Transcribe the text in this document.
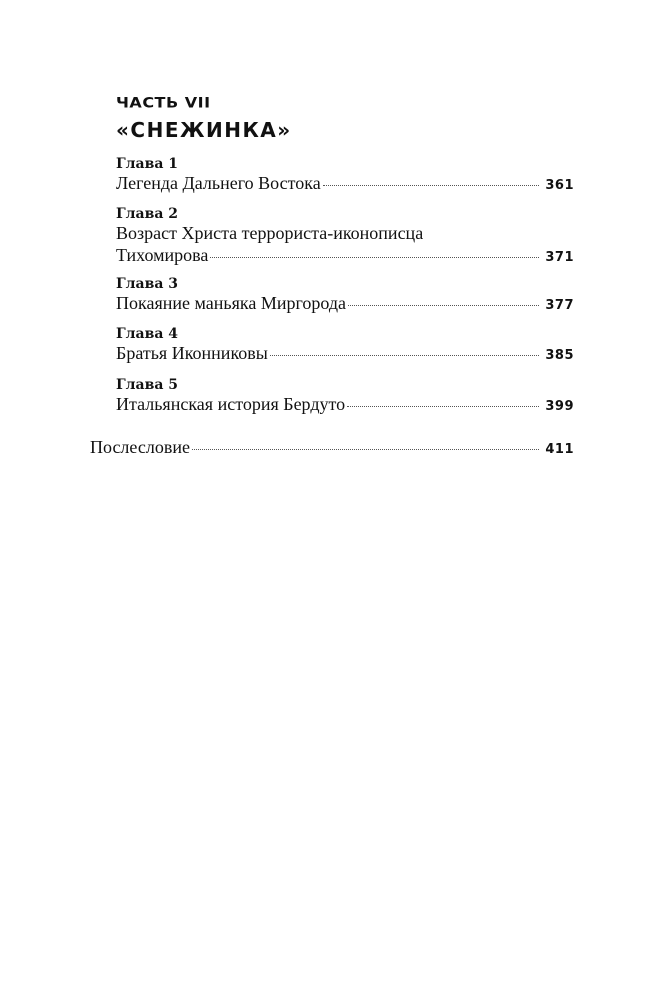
ЧАСТЬ VII
«СНЕЖИНКА»
Глава 1
Легенда Дальнего Востока	361
Глава 2
Возраст Христа террориста-иконописца
Тихомирова	371
Глава 3
Покаяние маньяка Миргорода	377
Глава 4
Братья Иконниковы	385
Глава 5
Итальянская история Бердуто	399
Послесловие	411
